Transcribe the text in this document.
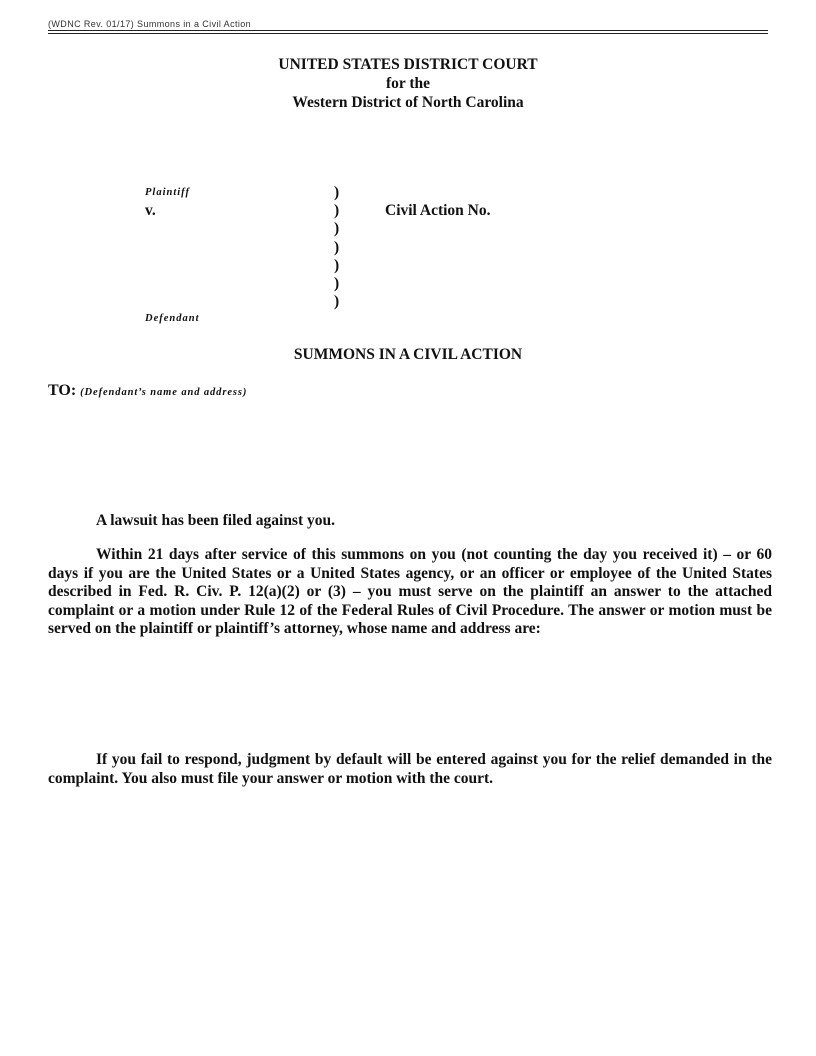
(WDNC Rev. 01/17) Summons in a Civil Action
UNITED STATES DISTRICT COURT
for the
Western District of North Carolina
Plaintiff
v.
Defendant
)
)
)
)
)
)
)
Civil Action No.
SUMMONS IN A CIVIL ACTION
TO: (Defendant’s name and address)
A lawsuit has been filed against you.
Within 21 days after service of this summons on you (not counting the day you received it) – or 60 days if you are the United States or a United States agency, or an officer or employee of the United States described in Fed. R. Civ. P. 12(a)(2) or (3) – you must serve on the plaintiff an answer to the attached complaint or a motion under Rule 12 of the Federal Rules of Civil Procedure. The answer or motion must be served on the plaintiff or plaintiff’s attorney, whose name and address are:
If you fail to respond, judgment by default will be entered against you for the relief demanded in the complaint. You also must file your answer or motion with the court.
